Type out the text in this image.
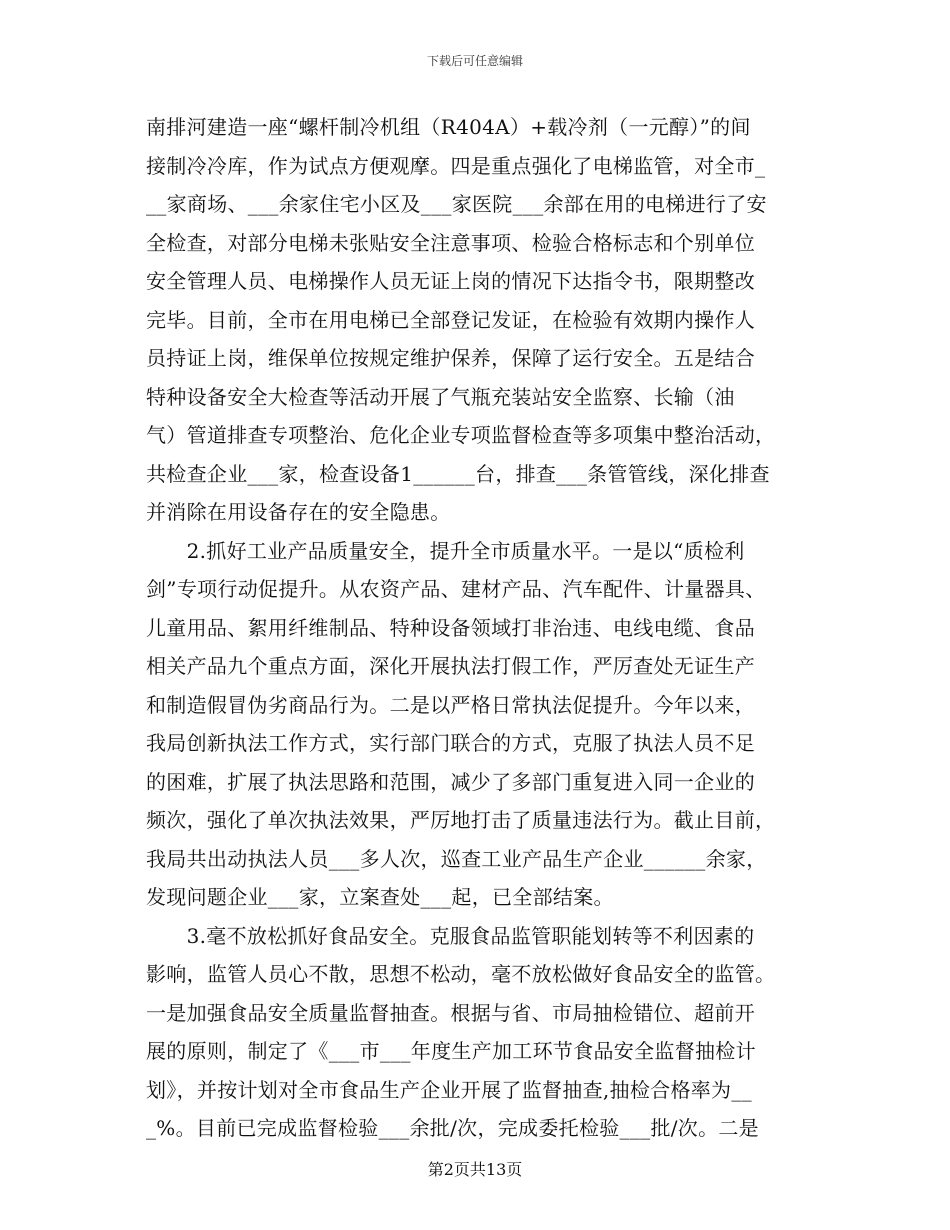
下载后可任意编辑
南排河建造一座“螺杆制冷机组（R404A）+载冷剂（一元醇）”的间
接制冷冷库，作为试点方便观摩。四是重点强化了电梯监管，对全市_
__家商场、___余家住宅小区及___家医院___余部在用的电梯进行了安
全检查，对部分电梯未张贴安全注意事项、检验合格标志和个别单位
安全管理人员、电梯操作人员无证上岗的情况下达指令书，限期整改
完毕。目前，全市在用电梯已全部登记发证，在检验有效期内操作人
员持证上岗，维保单位按规定维护保养，保障了运行安全。五是结合
特种设备安全大检查等活动开展了气瓶充装站安全监察、长输（油
气）管道排查专项整治、危化企业专项监督检查等多项集中整治活动，
共检查企业___家，检查设备1______台，排查___条管管线，深化排查
并消除在用设备存在的安全隐患。
　　2.抓好工业产品质量安全，提升全市质量水平。一是以“质检利
剑”专项行动促提升。从农资产品、建材产品、汽车配件、计量器具、
儿童用品、絮用纤维制品、特种设备领域打非治违、电线电缆、食品
相关产品九个重点方面，深化开展执法打假工作，严厉查处无证生产
和制造假冒伪劣商品行为。二是以严格日常执法促提升。今年以来，
我局创新执法工作方式，实行部门联合的方式，克服了执法人员不足
的困难，扩展了执法思路和范围，减少了多部门重复进入同一企业的
频次，强化了单次执法效果，严厉地打击了质量违法行为。截止目前，
我局共出动执法人员___多人次，巡查工业产品生产企业______余家，
发现问题企业___家，立案查处___起，已全部结案。
　　3.毫不放松抓好食品安全。克服食品监管职能划转等不利因素的
影响，监管人员心不散，思想不松动，毫不放松做好食品安全的监管。
一是加强食品安全质量监督抽查。根据与省、市局抽检错位、超前开
展的原则，制定了《___市___年度生产加工环节食品安全监督抽检计
划》，并按计划对全市食品生产企业开展了监督抽查,抽检合格率为__
_%。目前已完成监督检验___余批/次，完成委托检验___批/次。二是
第2页共13页
